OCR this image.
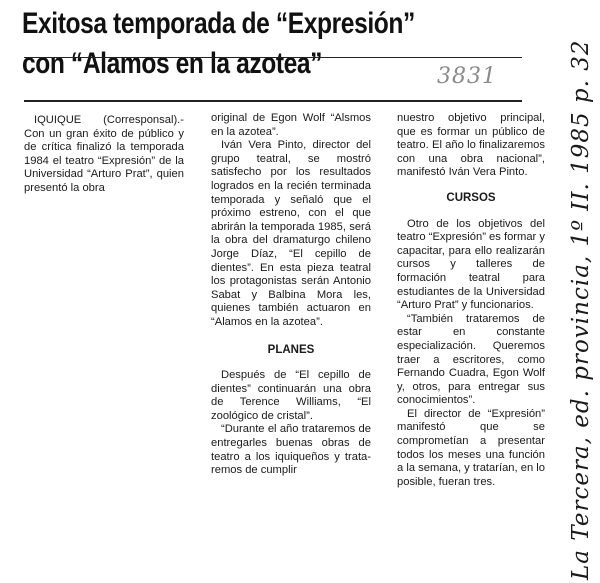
Exitosa temporada de “Expresión”
con “Alamos en la azotea”	3831	La Tercera, ed. provincia, 1º II. 1985 p. 32

IQUIQUE (Corresponsal).- Con un gran éxito de público y de crítica finalizó la temporada 1984 el teatro “Expresión” de la Universidad “Arturo Prat”, quien presentó la obra

original de Egon Wolf “Alsmos en la azotea”.

Iván Vera Pinto, director del grupo teatral, se mostró satisfecho por los resultados logrados en la recién terminada temporada y señaló que el próximo estreno, con el que abrirán la temporada 1985, será la obra del dramaturgo chileno Jorge Díaz, “El cepillo de dientes”. En esta pieza teatral los protagonistas serán Antonio Sabat y Balbina Mora les, quienes también actuaron en “Alamos en la azotea”.

PLANES

Después de “El cepillo de dientes” continuarán una obra de Terence Williams, “El zoológico de cristal”.

“Durante el año trataremos de entregarles buenas obras de teatro a los iquiqueños y trata-remos de cumplir

nuestro objetivo principal, que es formar un público de teatro. El año lo finalizaremos con una obra nacional”, manifestó Iván Vera Pinto.

CURSOS

Otro de los objetivos del teatro “Expresión” es formar y capacitar, para ello realizarán cursos y talleres de formación teatral para estudiantes de la Universidad “Arturo Prat” y funcionarios.

“También trataremos de estar en constante especialización. Queremos traer a escritores, como Fernando Cuadra, Egon Wolf y, otros, para entregar sus conocimientos”.

El director de “Expresión” manifestó que se comprometían a presentar todos los meses una función a la semana, y tratarían, en lo posible, fueran tres.
